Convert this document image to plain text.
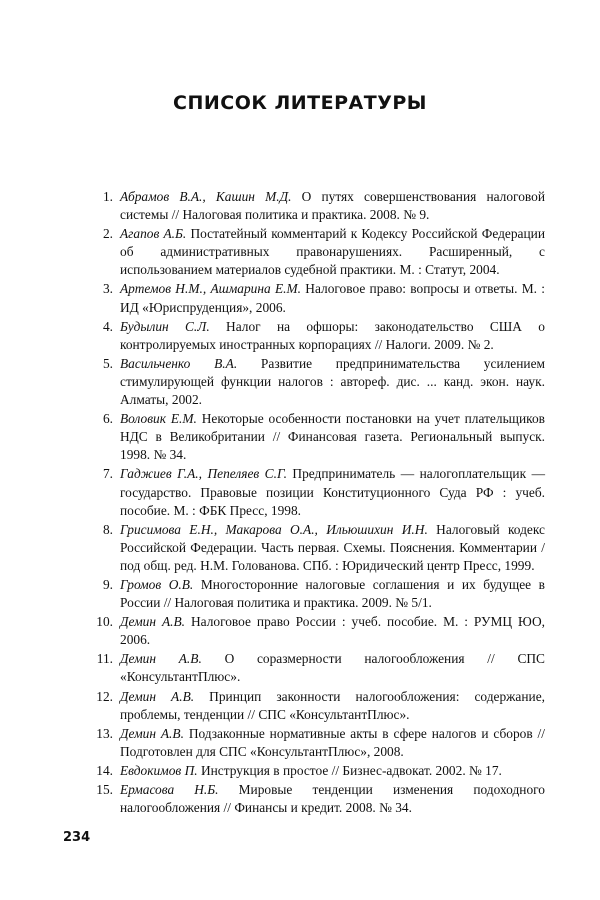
СПИСОК ЛИТЕРАТУРЫ
1. Абрамов В.А., Кашин М.Д. О путях совершенствования налоговой системы // Налоговая политика и практика. 2008. № 9.
2. Агапов А.Б. Постатейный комментарий к Кодексу Российской Федерации об административных правонарушениях. Расширенный, с использованием материалов судебной практики. М. : Статут, 2004.
3. Артемов Н.М., Ашмарина Е.М. Налоговое право: вопросы и ответы. М. : ИД «Юриспруденция», 2006.
4. Будылин С.Л. Налог на офшоры: законодательство США о контролируемых иностранных корпорациях // Налоги. 2009. № 2.
5. Васильченко В.А. Развитие предпринимательства усилением стимулирующей функции налогов : автореф. дис. ... канд. экон. наук. Алматы, 2002.
6. Воловик Е.М. Некоторые особенности постановки на учет плательщиков НДС в Великобритании // Финансовая газета. Региональный выпуск. 1998. № 34.
7. Гаджиев Г.А., Пепеляев С.Г. Предприниматель — налогоплательщик — государство. Правовые позиции Конституционного Суда РФ : учеб. пособие. М. : ФБК Пресс, 1998.
8. Грисимова Е.Н., Макарова О.А., Ильюшихин И.Н. Налоговый кодекс Российской Федерации. Часть первая. Схемы. Пояснения. Комментарии / под общ. ред. Н.М. Голованова. СПб. : Юридический центр Пресс, 1999.
9. Громов О.В. Многосторонние налоговые соглашения и их будущее в России // Налоговая политика и практика. 2009. № 5/1.
10. Демин А.В. Налоговое право России : учеб. пособие. М. : РУМЦ ЮО, 2006.
11. Демин А.В. О соразмерности налогообложения // СПС «КонсультантПлюс».
12. Демин А.В. Принцип законности налогообложения: содержание, проблемы, тенденции // СПС «КонсультантПлюс».
13. Демин А.В. Подзаконные нормативные акты в сфере налогов и сборов // Подготовлен для СПС «КонсультантПлюс», 2008.
14. Евдокимов П. Инструкция в простое // Бизнес-адвокат. 2002. № 17.
15. Ермасова Н.Б. Мировые тенденции изменения подоходного налогообложения // Финансы и кредит. 2008. № 34.
234
